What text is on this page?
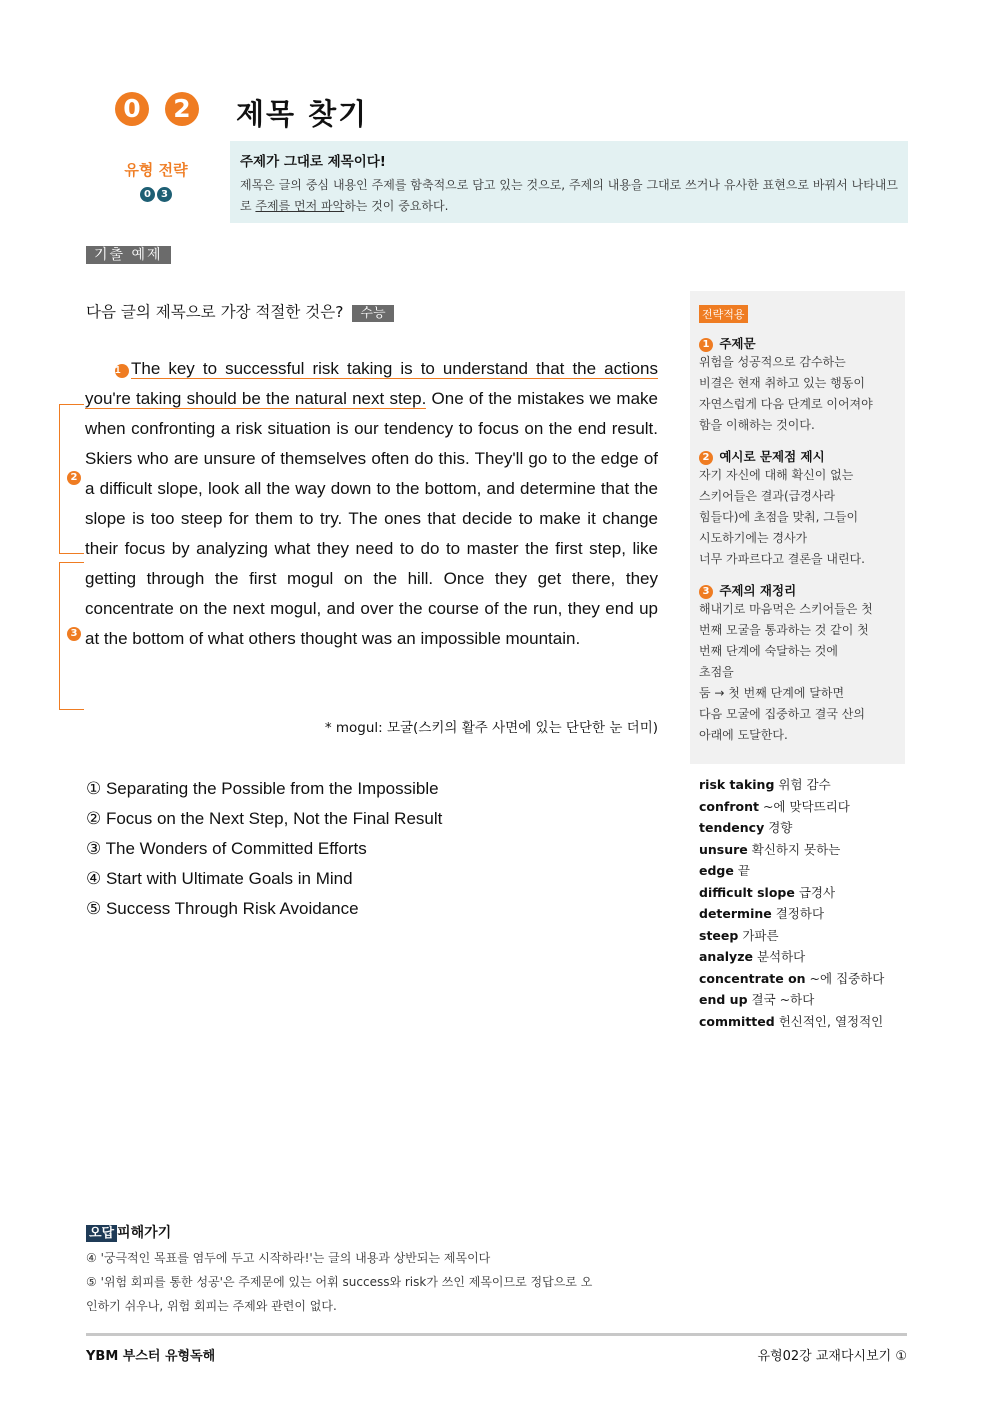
0	2 제목 찾기
유형 전략
0 3
주제가 그대로 제목이다!
제목은 글의 중심 내용인 주제를 함축적으로 담고 있는 것으로, 주제의 내용을 그대로 쓰거나 유사한 표현으로 바꿔서 나타내므로 주제를 먼저 파악하는 것이 중요하다.
기출 예제
다음 글의 제목으로 가장 적절한 것은? 수능
2
3
1 The key to successful risk taking is to understand that the actions you're taking should be the natural next step. One of the mistakes we make when confronting a risk situation is our tendency to focus on the end result. Skiers who are unsure of themselves often do this. They'll go to the edge of a difficult slope, look all the way down to the bottom, and determine that the slope is too steep for them to try. The ones that decide to make it change their focus by analyzing what they need to do to master the first step, like getting through the first mogul on the hill. Once they get there, they concentrate on the next mogul, and over the course of the run, they end up at the bottom of what others thought was an impossible mountain.
* mogul: 모굴(스키의 활주 사면에 있는 단단한 눈 더미)
① Separating the Possible from the Impossible
② Focus on the Next Step, Not the Final Result
③ The Wonders of Committed Efforts
④ Start with Ultimate Goals in Mind
⑤ Success Through Risk Avoidance
전략적용
1 주제문
위험을 성공적으로 감수하는
비결은 현재 취하고 있는 행동이
자연스럽게 다음 단계로 이어져야
함을 이해하는 것이다.
2 예시로 문제점 제시
자기 자신에 대해 확신이 없는
스키어들은 결과(급경사라
힘들다)에 초점을 맞춰, 그들이
시도하기에는 경사가
너무 가파르다고 결론을 내린다.
3 주제의 재정리
해내기로 마음먹은 스키어들은 첫
번째 모굴을 통과하는 것 같이 첫
번째 단계에 숙달하는 것에
초점을
둠 → 첫 번째 단계에 달하면
다음 모굴에 집중하고 결국 산의
아래에 도달한다.
risk taking 위험 감수
confront ~에 맞닥뜨리다
tendency 경향
unsure 확신하지 못하는
edge 끝
difficult slope 급경사
determine 결정하다
steep 가파른
analyze 분석하다
concentrate on ~에 집중하다
end up 결국 ~하다
committed 헌신적인, 열정적인
오답 피해가기
④ '궁극적인 목표를 염두에 두고 시작하라!'는 글의 내용과 상반되는 제목이다
⑤ '위험 회피를 통한 성공'은 주제문에 있는 어휘 success와 risk가 쓰인 제목이므로 정답으로 오
인하기 쉬우나, 위험 회피는 주제와 관련이 없다.
YBM 부스터 유형독해	유형02강 교재다시보기 ①
